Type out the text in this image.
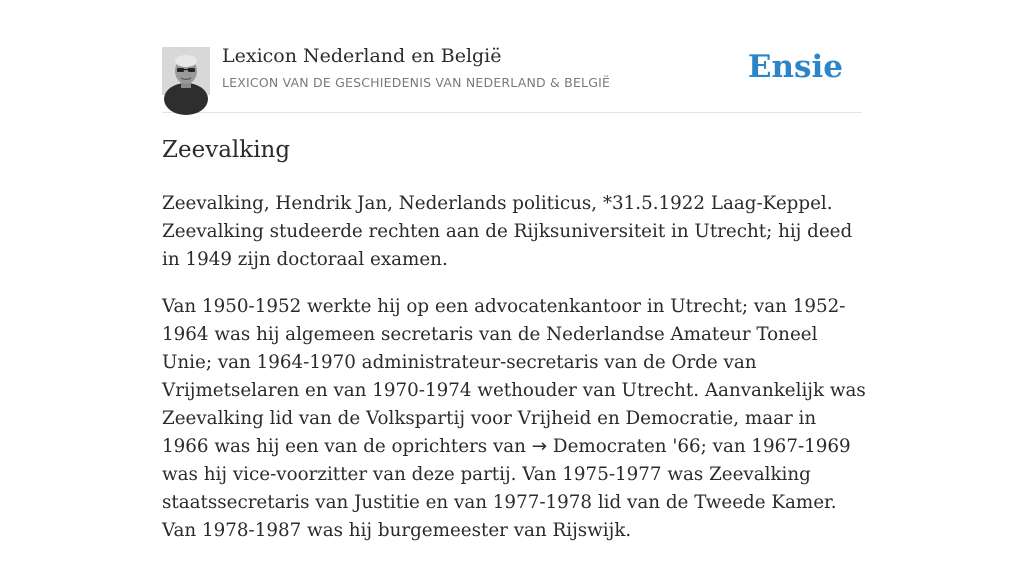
Lexicon Nederland en België
LEXICON VAN DE GESCHIEDENIS VAN NEDERLAND & BELGIË	Ensie
Zeevalking

Zeevalking, Hendrik Jan, Nederlands politicus, *31.5.1922 Laag-Keppel. Zeevalking studeerde rechten aan de Rijksuniversiteit in Utrecht; hij deed in 1949 zijn doctoraal examen.

Van 1950-1952 werkte hij op een advocatenkantoor in Utrecht; van 1952-1964 was hij algemeen secretaris van de Nederlandse Amateur Toneel Unie; van 1964-1970 administrateur-secretaris van de Orde van Vrijmetselaren en van 1970-1974 wethouder van Utrecht. Aanvankelijk was Zeevalking lid van de Volkspartij voor Vrijheid en Democratie, maar in 1966 was hij een van de oprichters van → Democraten '66; van 1967-1969 was hij vice-voorzitter van deze partij. Van 1975-1977 was Zeevalking staatssecretaris van Justitie en van 1977-1978 lid van de Tweede Kamer. Van 1978-1987 was hij burgemeester van Rijswijk.
